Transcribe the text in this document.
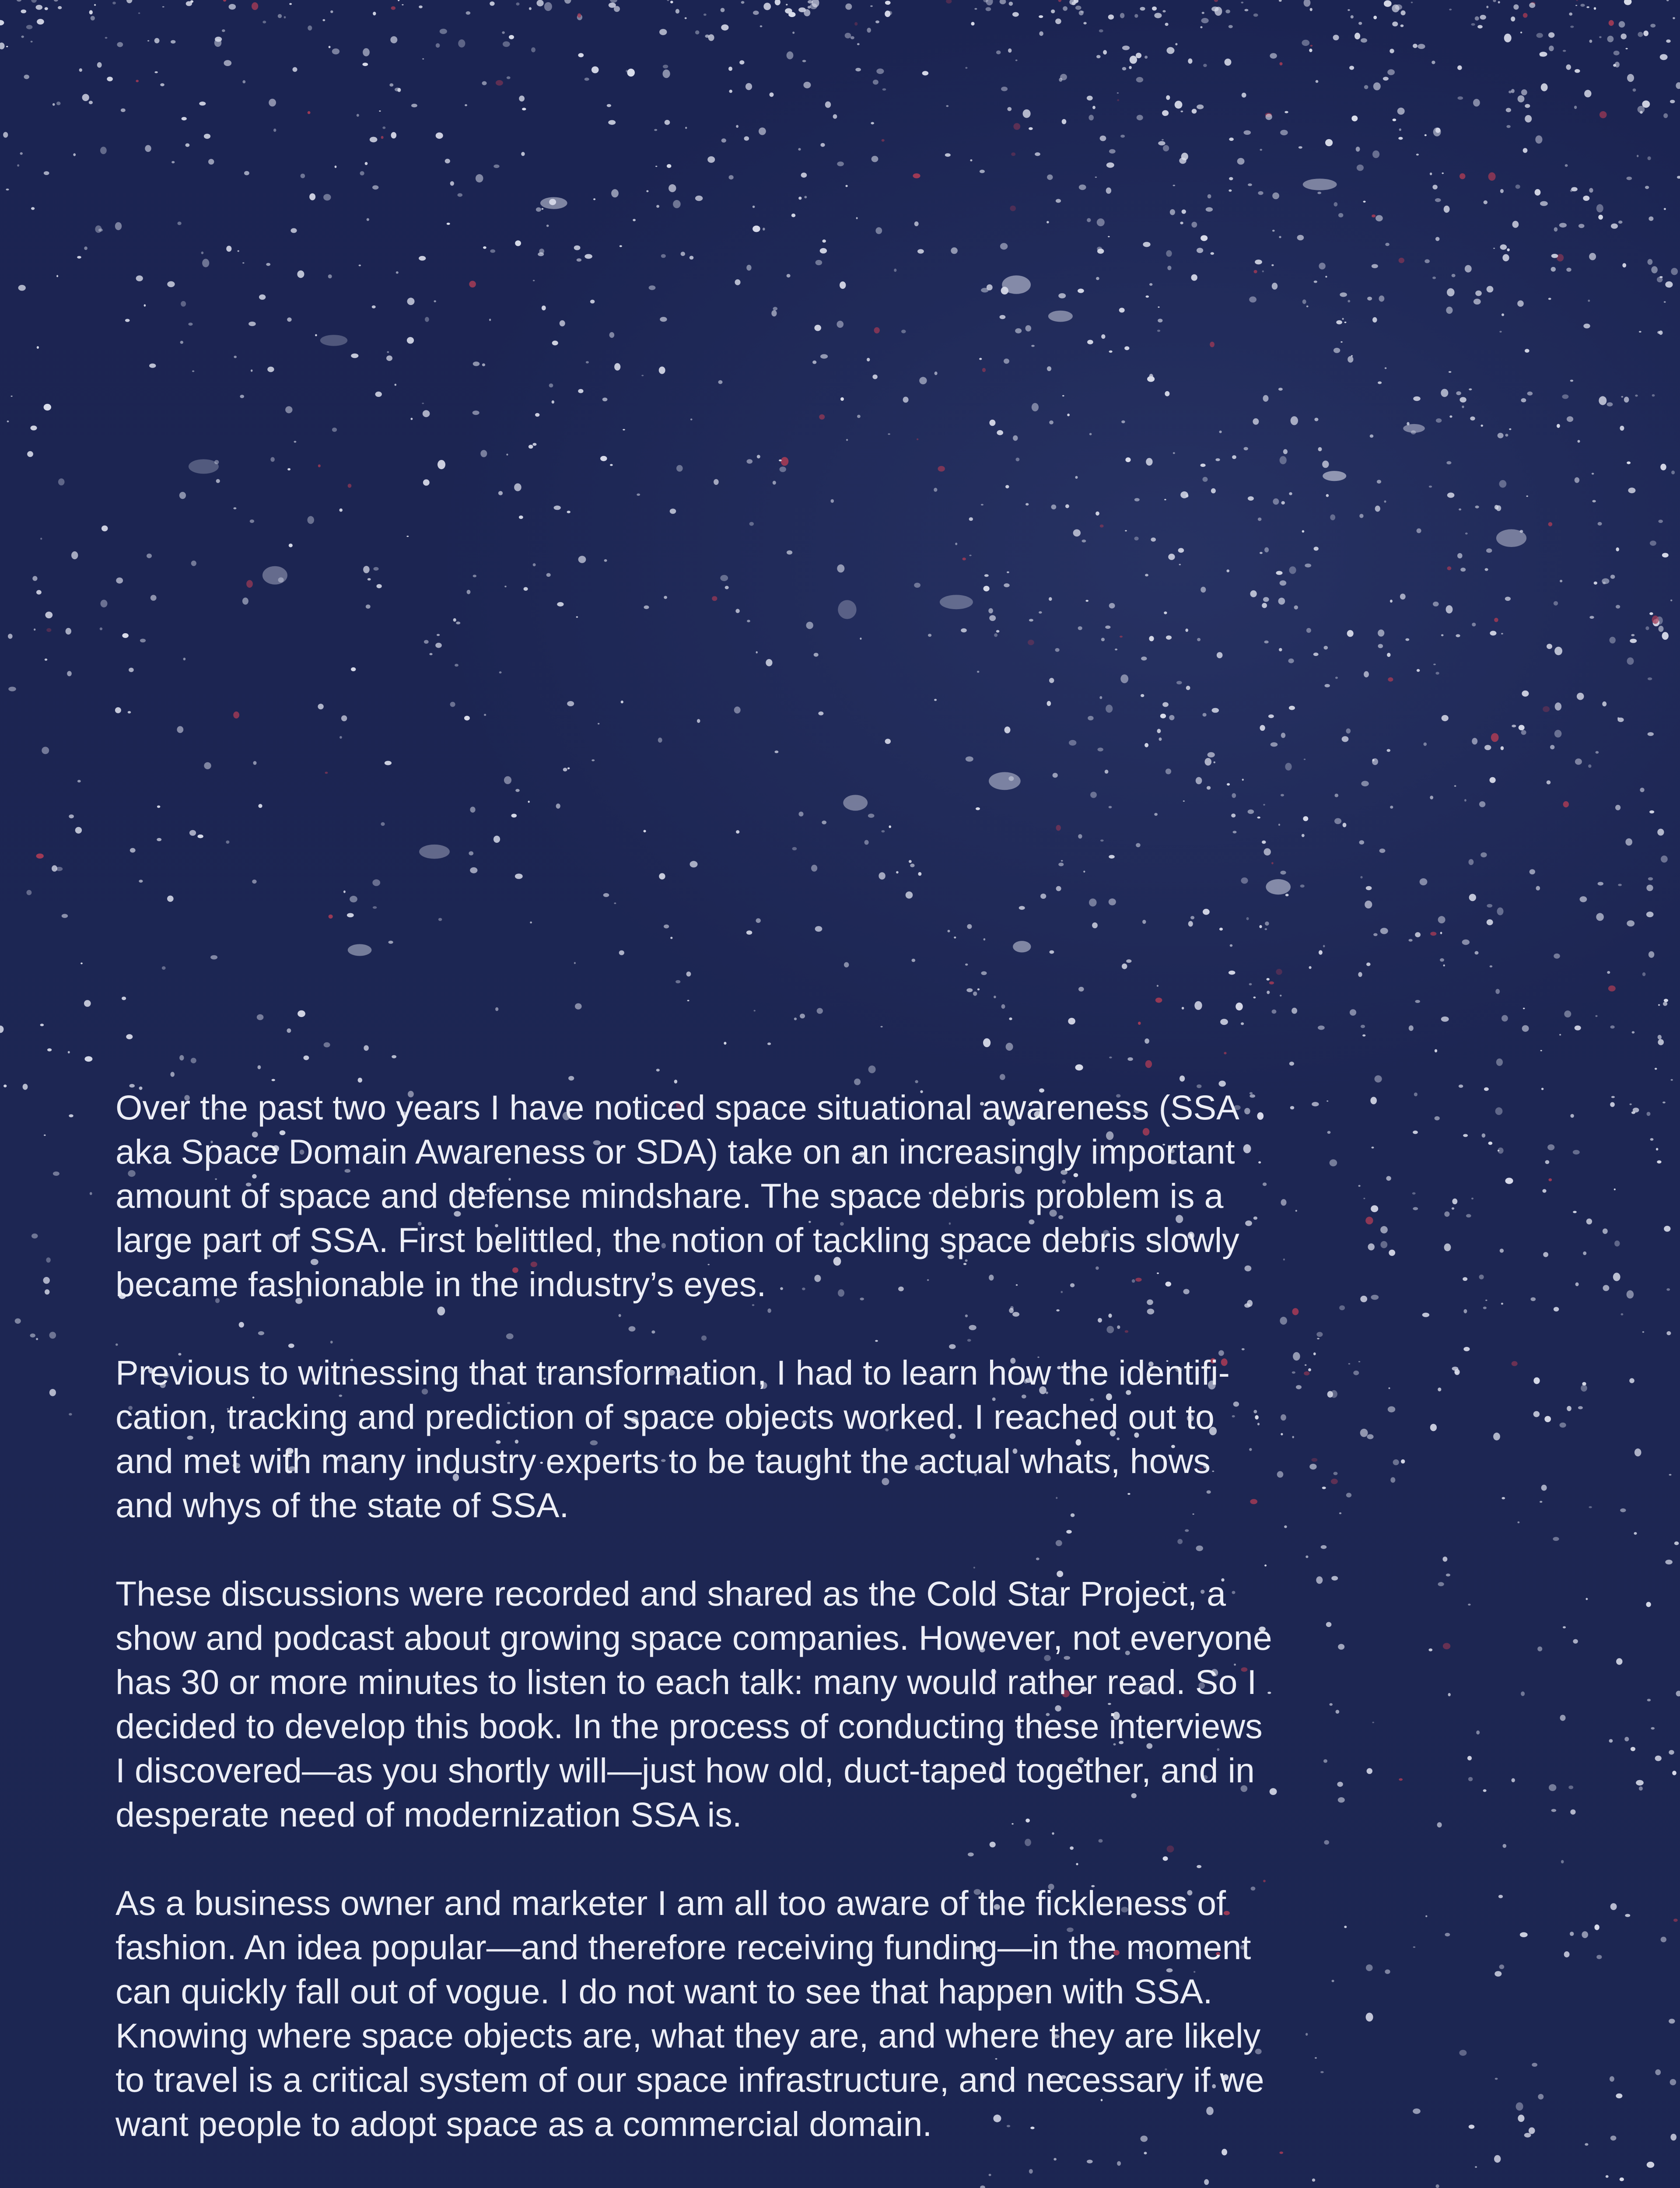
Over the past two years I have noticed space situational awareness (SSA
aka Space Domain Awareness or SDA) take on an increasingly important
amount of space and defense mindshare. The space debris problem is a
large part of SSA. First belittled, the notion of tackling space debris slowly
became fashionable in the industry’s eyes.

Previous to witnessing that transformation, I had to learn how the identifi-
cation, tracking and prediction of space objects worked. I reached out to
and met with many industry experts to be taught the actual whats, hows
and whys of the state of SSA.

These discussions were recorded and shared as the Cold Star Project, a
show and podcast about growing space companies. However, not everyone
has 30 or more minutes to listen to each talk: many would rather read. So I
decided to develop this book. In the process of conducting these interviews
I discovered—as you shortly will—just how old, duct-taped together, and in
desperate need of modernization SSA is.

As a business owner and marketer I am all too aware of the fickleness of
fashion. An idea popular—and therefore receiving funding—in the moment
can quickly fall out of vogue. I do not want to see that happen with SSA.
Knowing where space objects are, what they are, and where they are likely
to travel is a critical system of our space infrastructure, and necessary if we
want people to adopt space as a commercial domain.
